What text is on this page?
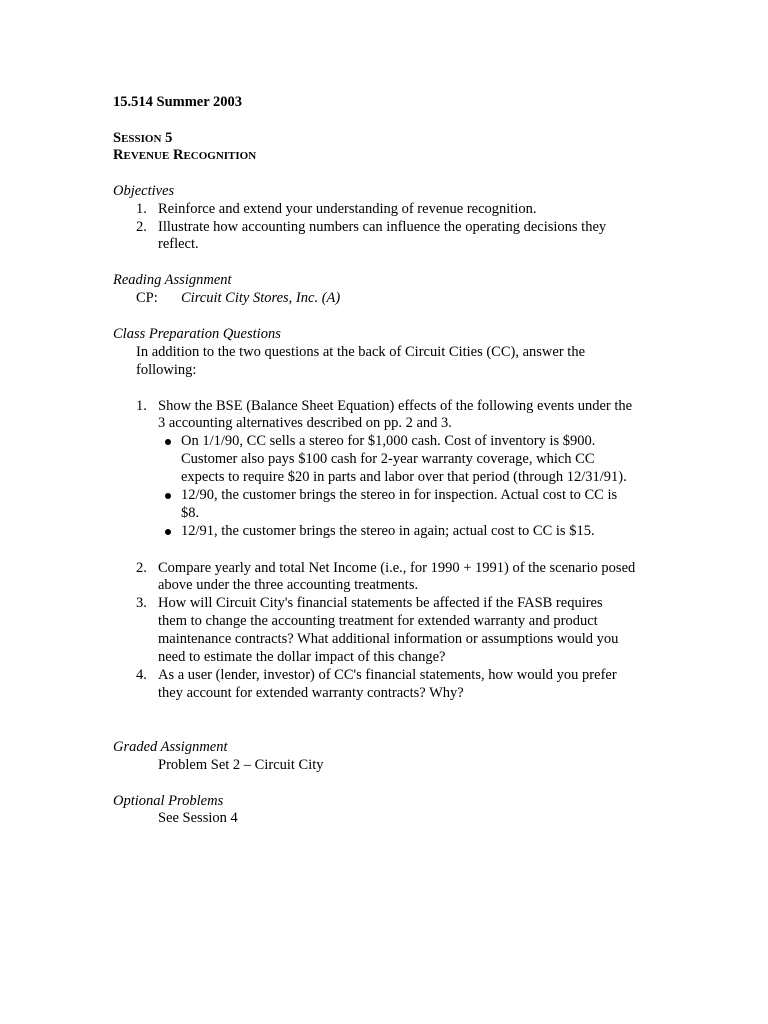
15.514 Summer 2003
SESSION 5
REVENUE RECOGNITION
Objectives
1. Reinforce and extend your understanding of revenue recognition.
2. Illustrate how accounting numbers can influence the operating decisions they
reflect.
Reading Assignment
CP: Circuit City Stores, Inc. (A)
Class Preparation Questions
In addition to the two questions at the back of Circuit Cities (CC), answer the
following:
1. Show the BSE (Balance Sheet Equation) effects of the following events under the
3 accounting alternatives described on pp. 2 and 3.
On 1/1/90, CC sells a stereo for $1,000 cash. Cost of inventory is $900.
Customer also pays $100 cash for 2-year warranty coverage, which CC
expects to require $20 in parts and labor over that period (through 12/31/91).
12/90, the customer brings the stereo in for inspection. Actual cost to CC is
$8.
12/91, the customer brings the stereo in again; actual cost to CC is $15.
2. Compare yearly and total Net Income (i.e., for 1990 + 1991) of the scenario posed
above under the three accounting treatments.
3. How will Circuit City's financial statements be affected if the FASB requires
them to change the accounting treatment for extended warranty and product
maintenance contracts? What additional information or assumptions would you
need to estimate the dollar impact of this change?
4. As a user (lender, investor) of CC's financial statements, how would you prefer
they account for extended warranty contracts? Why?
Graded Assignment
Problem Set 2 – Circuit City
Optional Problems
See Session 4
